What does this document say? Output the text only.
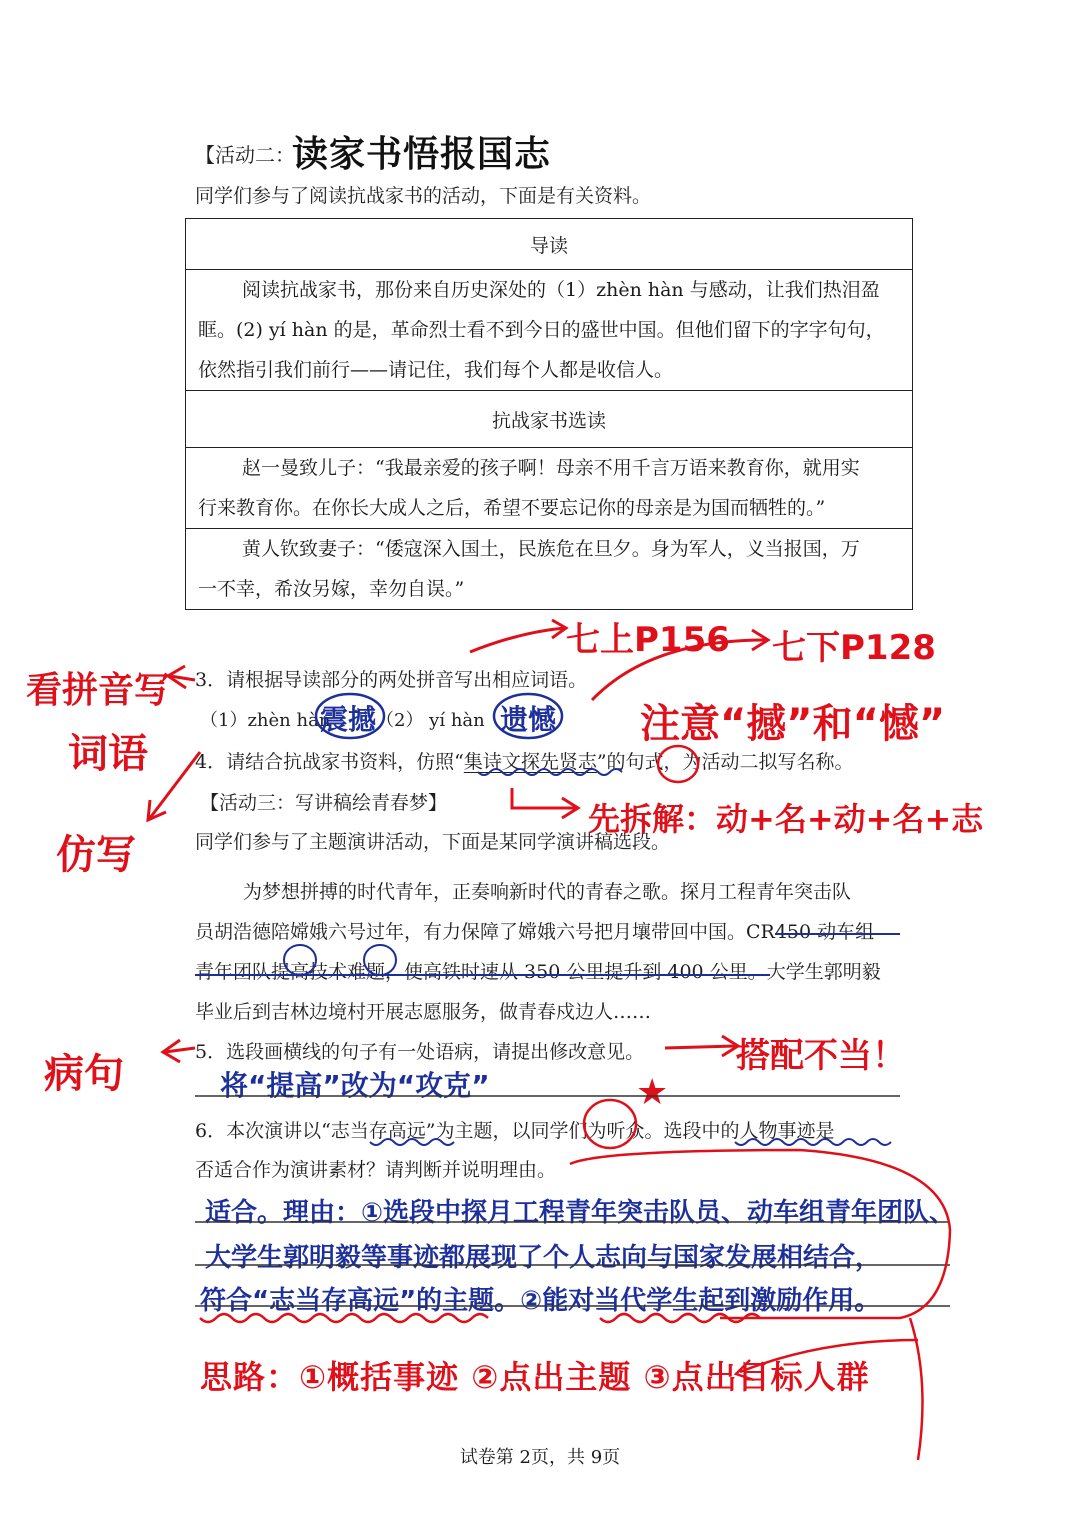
【活动二：
读家书悟报国志
同学们参与了阅读抗战家书的活动，下面是有关资料。
导读

阅读抗战家书，那份来自历史深处的（1）zhèn hàn 与感动，让我们热泪盈
眶。(2) yí hàn 的是，革命烈士看不到今日的盛世中国。但他们留下的字字句句，
依然指引我们前行——请记住，我们每个人都是收信人。

抗战家书选读

赵一曼致儿子：“我最亲爱的孩子啊！母亲不用千言万语来教育你，就用实
行来教育你。在你长大成人之后，希望不要忘记你的母亲是为国而牺牲的。”

黄人钦致妻子：“倭寇深入国土，民族危在旦夕。身为军人，义当报国，万
一不幸，希汝另嫁，幸勿自误。”
3．请根据导读部分的两处拼音写出相应词语。
（1）zhèn hàn
震撼 （2） yí hàn 遗憾
4．请结合抗战家书资料，仿照“集诗文探先贤志”的句式，为活动二拟写名称。
【活动三：写讲稿绘青春梦】
同学们参与了主题演讲活动，下面是某同学演讲稿选段。
为梦想拼搏的时代青年，正奏响新时代的青春之歌。探月工程青年突击队
员胡浩德陪嫦娥六号过年，有力保障了嫦娥六号把月壤带回中国。CR450 动车组
青年团队提高技术难题，使高铁时速从 350 公里提升到 400 公里。大学生郭明毅
毕业后到吉林边境村开展志愿服务，做青春戍边人……
5．选段画横线的句子有一处语病，请提出修改意见。
将“提高”改为“攻克”
6．本次演讲以“志当存高远”为主题，以同学们为听众。选段中的人物事迹是
否适合作为演讲素材？请判断并说明理由。
适合。理由：①选段中探月工程青年突击队员、动车组青年团队、
大学生郭明毅等事迹都展现了个人志向与国家发展相结合，
符合“志当存高远”的主题。②能对当代学生起到激励作用。
七上P156 七下P128
注意“撼”和“憾”
先拆解：动+名+动+名+志
看拼音写
词语
仿写
病句	搭配不当！
★
思路：①概括事迹 ②点出主题 ③点出目标人群
试卷第 2页，共 9页
